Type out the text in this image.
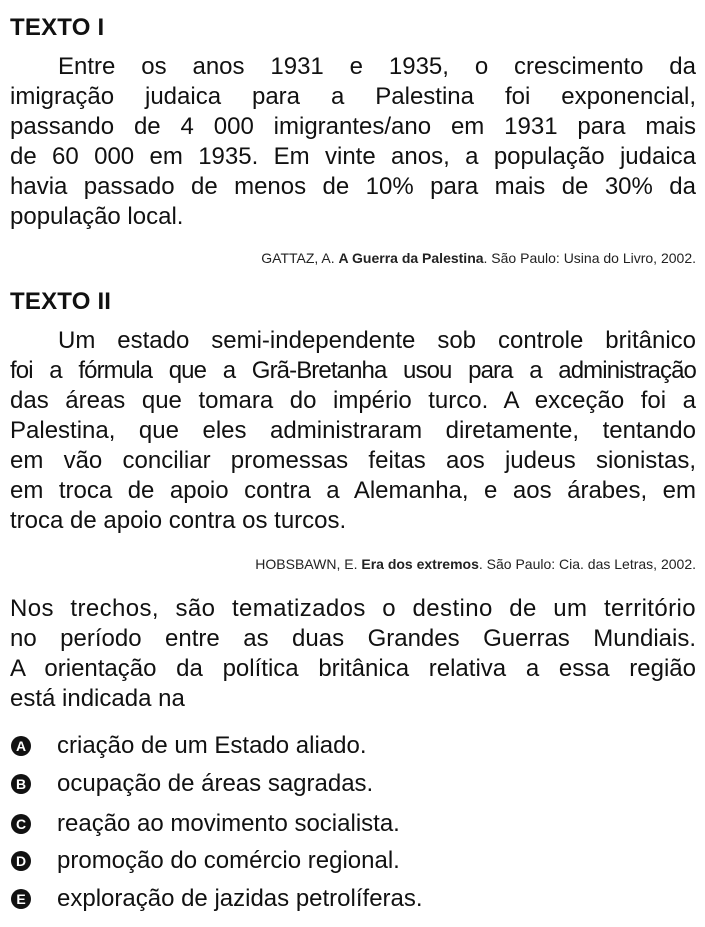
TEXTO I
Entre os anos 1931 e 1935, o crescimento da
imigração judaica para a Palestina foi exponencial,
passando de 4 000 imigrantes/ano em 1931 para mais
de 60 000 em 1935. Em vinte anos, a população judaica
havia passado de menos de 10% para mais de 30% da
população local.
GATTAZ, A. A Guerra da Palestina. São Paulo: Usina do Livro, 2002.
TEXTO II
Um estado semi-independente sob controle britânico
foi a fórmula que a Grã-Bretanha usou para a administração
das áreas que tomara do império turco. A exceção foi a
Palestina, que eles administraram diretamente, tentando
em vão conciliar promessas feitas aos judeus sionistas,
em troca de apoio contra a Alemanha, e aos árabes, em
troca de apoio contra os turcos.
HOBSBAWN, E. Era dos extremos. São Paulo: Cia. das Letras, 2002.
Nos trechos, são tematizados o destino de um território
no período entre as duas Grandes Guerras Mundiais.
A orientação da política britânica relativa a essa região
está indicada na
A criação de um Estado aliado.
B ocupação de áreas sagradas.
C reação ao movimento socialista.
D promoção do comércio regional.
E exploração de jazidas petrolíferas.
